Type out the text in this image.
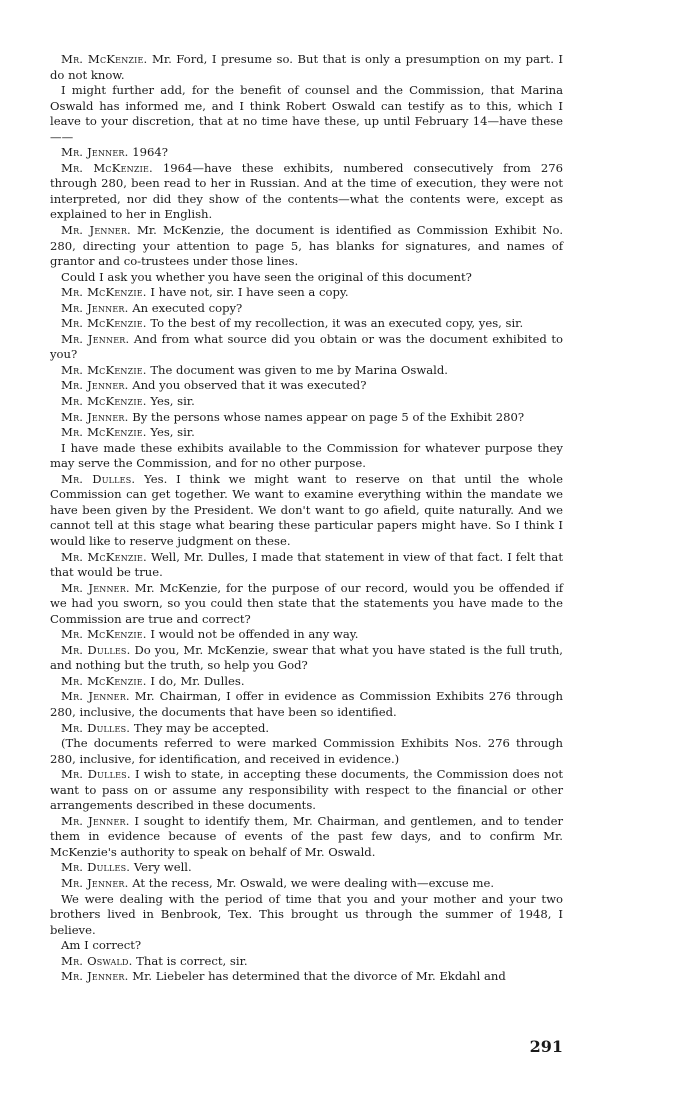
Mr. McKenzie. Mr. Ford, I presume so. But that is only a presumption on my part. I do not know.

I might further add, for the benefit of counsel and the Commission, that Marina Oswald has informed me, and I think Robert Oswald can testify as to this, which I leave to your discretion, that at no time have these, up until February 14—have these——

Mr. Jenner. 1964?

Mr. McKenzie. 1964—have these exhibits, numbered consecutively from 276 through 280, been read to her in Russian. And at the time of execution, they were not interpreted, nor did they show of the contents—what the contents were, except as explained to her in English.

Mr. Jenner. Mr. McKenzie, the document is identified as Commission Exhibit No. 280, directing your attention to page 5, has blanks for signatures, and names of grantor and co-trustees under those lines.

Could I ask you whether you have seen the original of this document?

Mr. McKenzie. I have not, sir. I have seen a copy.

Mr. Jenner. An executed copy?

Mr. McKenzie. To the best of my recollection, it was an executed copy, yes, sir.

Mr. Jenner. And from what source did you obtain or was the document exhibited to you?

Mr. McKenzie. The document was given to me by Marina Oswald.

Mr. Jenner. And you observed that it was executed?

Mr. McKenzie. Yes, sir.

Mr. Jenner. By the persons whose names appear on page 5 of the Exhibit 280?

Mr. McKenzie. Yes, sir.

I have made these exhibits available to the Commission for whatever purpose they may serve the Commission, and for no other purpose.

Mr. Dulles. Yes. I think we might want to reserve on that until the whole Commission can get together. We want to examine everything within the mandate we have been given by the President. We don't want to go afield, quite naturally. And we cannot tell at this stage what bearing these particular papers might have. So I think I would like to reserve judgment on these.

Mr. McKenzie. Well, Mr. Dulles, I made that statement in view of that fact. I felt that that would be true.

Mr. Jenner. Mr. McKenzie, for the purpose of our record, would you be offended if we had you sworn, so you could then state that the statements you have made to the Commission are true and correct?

Mr. McKenzie. I would not be offended in any way.

Mr. Dulles. Do you, Mr. McKenzie, swear that what you have stated is the full truth, and nothing but the truth, so help you God?

Mr. McKenzie. I do, Mr. Dulles.

Mr. Jenner. Mr. Chairman, I offer in evidence as Commission Exhibits 276 through 280, inclusive, the documents that have been so identified.

Mr. Dulles. They may be accepted.

(The documents referred to were marked Commission Exhibits Nos. 276 through 280, inclusive, for identification, and received in evidence.)

Mr. Dulles. I wish to state, in accepting these documents, the Commission does not want to pass on or assume any responsibility with respect to the financial or other arrangements described in these documents.

Mr. Jenner. I sought to identify them, Mr. Chairman, and gentlemen, and to tender them in evidence because of events of the past few days, and to confirm Mr. McKenzie's authority to speak on behalf of Mr. Oswald.

Mr. Dulles. Very well.

Mr. Jenner. At the recess, Mr. Oswald, we were dealing with—excuse me.

We were dealing with the period of time that you and your mother and your two brothers lived in Benbrook, Tex. This brought us through the summer of 1948, I believe.

Am I correct?

Mr. Oswald. That is correct, sir.

Mr. Jenner. Mr. Liebeler has determined that the divorce of Mr. Ekdahl and

291
